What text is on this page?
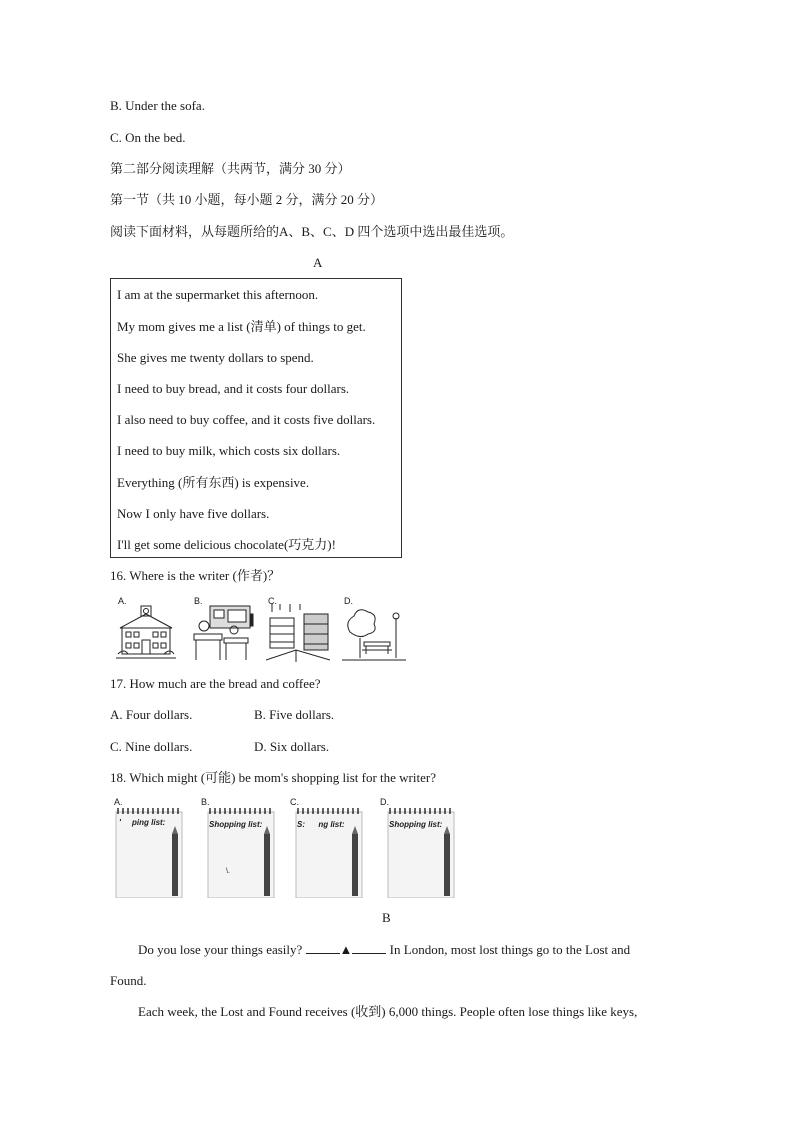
B. Under the sofa.
C. On the bed.
第二部分阅读理解（共两节，满分 30 分）
第一节（共 10 小题，每小题 2 分，满分 20 分）
阅读下面材料，从每题所给的A、B、C、D 四个选项中选出最佳选项。
A
I am at the supermarket this afternoon.
My mom gives me a list (清单) of things to get.
She gives me twenty dollars to spend.
I need to buy bread, and it costs four dollars.
I also need to buy coffee, and it costs five dollars.
I need to buy milk, which costs six dollars.
Everything (所有东西) is expensive.
Now I only have five dollars.
I'll get some delicious chocolate(巧克力)!
16. Where is the writer (作者)？
A.	B.	C.	D.
17. How much are the bread and coffee?
A. Four dollars.	B. Five dollars.
C. Nine dollars.	D. Six dollars.
18. Which might (可能) be mom's shopping list for the writer?
A.
'     ping list:
B.
Shopping list:
\.
C.
S:      ng list:
D.
Shopping list:
B
Do you lose your things easily?	▲	In London, most lost things go to the Lost and
Found.
Each week, the Lost and Found receives (收到) 6,000 things. People often lose things like keys,
